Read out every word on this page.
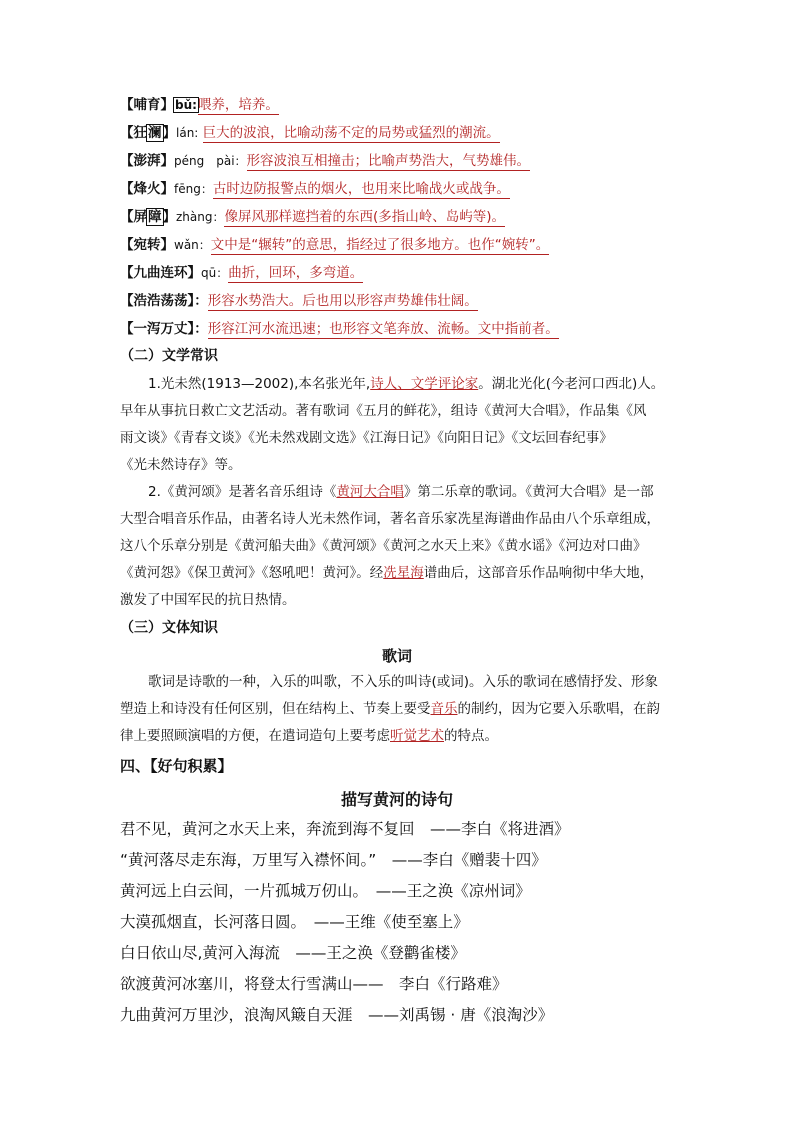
【哺育】bǔ:喂养，培养。
【狂澜】lán: 巨大的波浪，比喻动荡不定的局势或猛烈的潮流。
【澎湃】péng　pài：形容波浪互相撞击；比喻声势浩大，气势雄伟。
【烽火】fēng：古时边防报警点的烟火，也用来比喻战火或战争。
【屏障】zhàng：像屏风那样遮挡着的东西(多指山岭、岛屿等)。
【宛转】wǎn：文中是“辗转”的意思，指经过了很多地方。也作“婉转”。
【九曲连环】qū：曲折，回环，多弯道。
【浩浩荡荡】：形容水势浩大。后也用以形容声势雄伟壮阔。
【一泻万丈】：形容江河水流迅速；也形容文笔奔放、流畅。文中指前者。
（二）文学常识
1.光未然(1913—2002),本名张光年,诗人、文学评论家。湖北光化(今老河口西北)人。
早年从事抗日救亡文艺活动。著有歌词《五月的鲜花》，组诗《黄河大合唱》，作品集《风
雨文谈》《青春文谈》《光未然戏剧文选》《江海日记》《向阳日记》《文坛回春纪事》
《光未然诗存》等。
2.《黄河颂》是著名音乐组诗《黄河大合唱》第二乐章的歌词。《黄河大合唱》是一部
大型合唱音乐作品，由著名诗人光未然作词，著名音乐家冼星海谱曲作品由八个乐章组成，
这八个乐章分别是《黄河船夫曲》《黄河颂》《黄河之水天上来》《黄水谣》《河边对口曲》
《黄河怨》《保卫黄河》《怒吼吧！黄河》。经冼星海谱曲后，这部音乐作品响彻中华大地，
激发了中国军民的抗日热情。
（三）文体知识
歌词
歌词是诗歌的一种，入乐的叫歌，不入乐的叫诗(或词)。入乐的歌词在感情抒发、形象
塑造上和诗没有任何区别，但在结构上、节奏上要受音乐的制约，因为它要入乐歌唱，在韵
律上要照顾演唱的方便，在遣词造句上要考虑听觉艺术的特点。
四、【好句积累】
描写黄河的诗句
君不见，黄河之水天上来，奔流到海不复回　——李白《将进酒》
“黄河落尽走东海，万里写入襟怀间。”　——李白《赠裴十四》
黄河远上白云间，一片孤城万仞山。　——王之涣《凉州词》
大漠孤烟直，长河落日圆。　——王维《使至塞上》
白日依山尽,黄河入海流　——王之涣《登鹳雀楼》
欲渡黄河冰塞川，将登太行雪满山——　李白《行路难》
九曲黄河万里沙，浪淘风簸自天涯　——刘禹锡 · 唐《浪淘沙》
